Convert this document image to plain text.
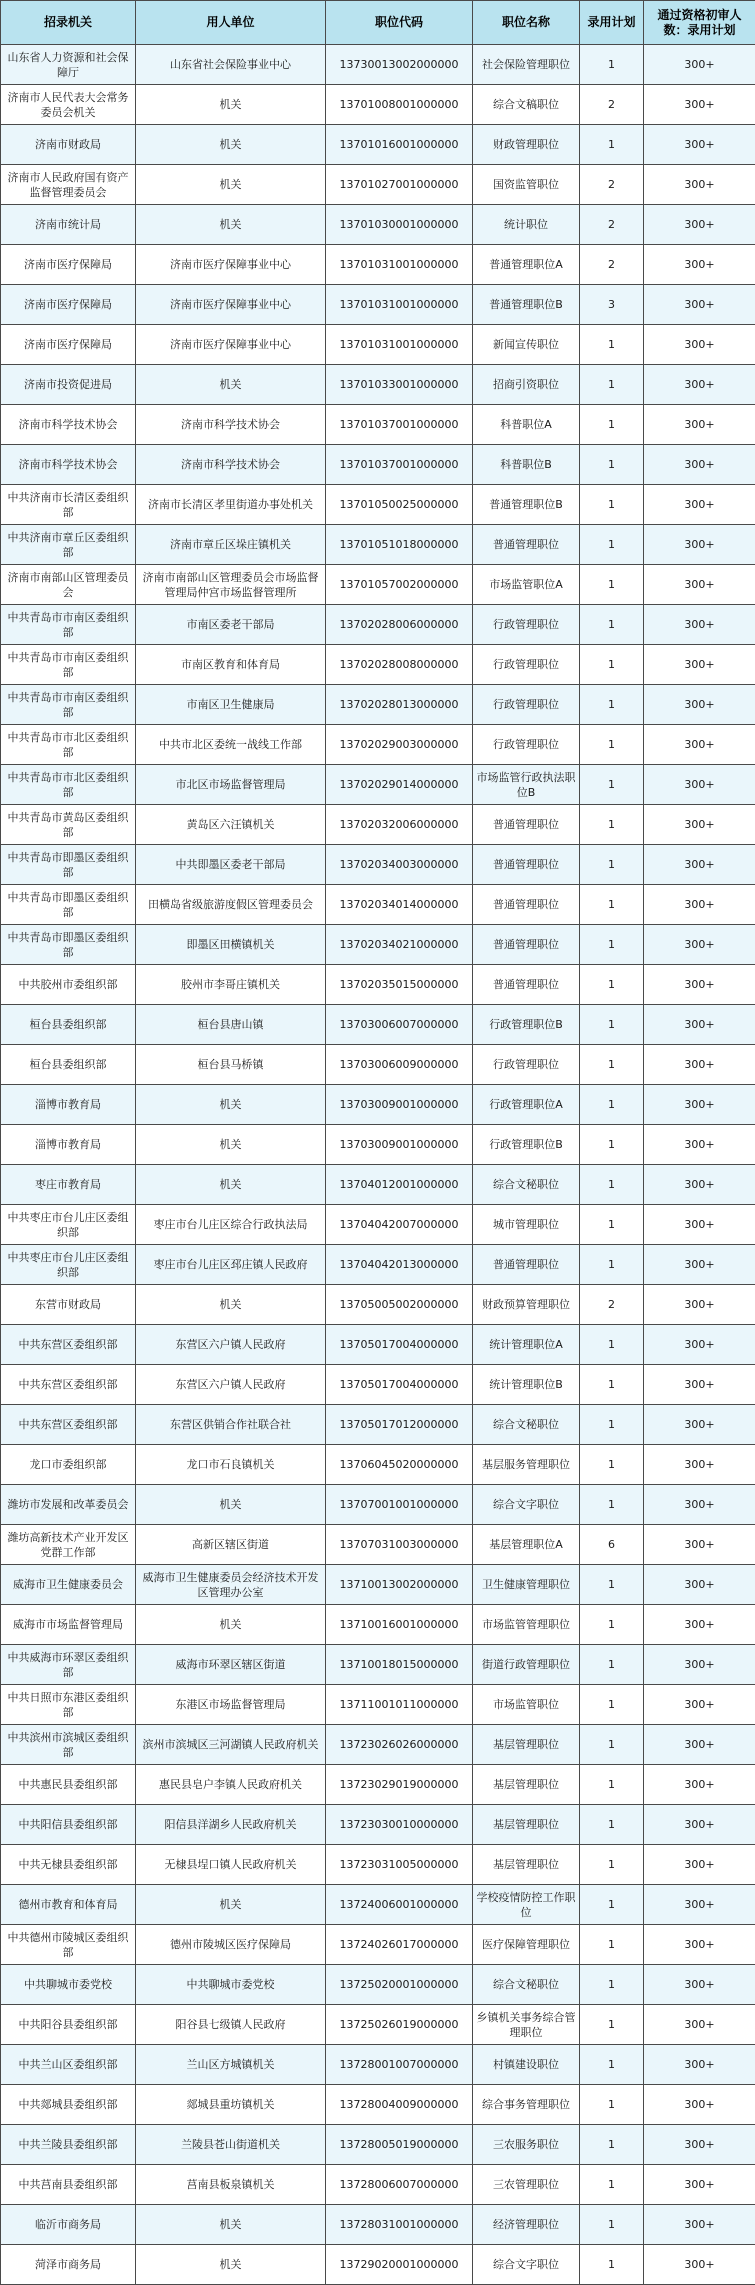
招录机关	用人单位	职位代码	职位名称	录用计划	通过资格初审人数：录用计划
山东省人力资源和社会保障厅	山东省社会保险事业中心	13730013002000000	社会保险管理职位	1	300+
济南市人民代表大会常务委员会机关	机关	13701008001000000	综合文稿职位	2	300+
济南市财政局	机关	13701016001000000	财政管理职位	1	300+
济南市人民政府国有资产监督管理委员会	机关	13701027001000000	国资监管职位	2	300+
济南市统计局	机关	13701030001000000	统计职位	2	300+
济南市医疗保障局	济南市医疗保障事业中心	13701031001000000	普通管理职位A	2	300+
济南市医疗保障局	济南市医疗保障事业中心	13701031001000000	普通管理职位B	3	300+
济南市医疗保障局	济南市医疗保障事业中心	13701031001000000	新闻宣传职位	1	300+
济南市投资促进局	机关	13701033001000000	招商引资职位	1	300+
济南市科学技术协会	济南市科学技术协会	13701037001000000	科普职位A	1	300+
济南市科学技术协会	济南市科学技术协会	13701037001000000	科普职位B	1	300+
中共济南市长清区委组织部	济南市长清区孝里街道办事处机关	13701050025000000	普通管理职位B	1	300+
中共济南市章丘区委组织部	济南市章丘区垛庄镇机关	13701051018000000	普通管理职位	1	300+
济南市南部山区管理委员会	济南市南部山区管理委员会市场监督管理局仲宫市场监督管理所	13701057002000000	市场监管职位A	1	300+
中共青岛市市南区委组织部	市南区委老干部局	13702028006000000	行政管理职位	1	300+
中共青岛市市南区委组织部	市南区教育和体育局	13702028008000000	行政管理职位	1	300+
中共青岛市市南区委组织部	市南区卫生健康局	13702028013000000	行政管理职位	1	300+
中共青岛市市北区委组织部	中共市北区委统一战线工作部	13702029003000000	行政管理职位	1	300+
中共青岛市市北区委组织部	市北区市场监督管理局	13702029014000000	市场监管行政执法职位B	1	300+
中共青岛市黄岛区委组织部	黄岛区六汪镇机关	13702032006000000	普通管理职位	1	300+
中共青岛市即墨区委组织部	中共即墨区委老干部局	13702034003000000	普通管理职位	1	300+
中共青岛市即墨区委组织部	田横岛省级旅游度假区管理委员会	13702034014000000	普通管理职位	1	300+
中共青岛市即墨区委组织部	即墨区田横镇机关	13702034021000000	普通管理职位	1	300+
中共胶州市委组织部	胶州市李哥庄镇机关	13702035015000000	普通管理职位	1	300+
桓台县委组织部	桓台县唐山镇	13703006007000000	行政管理职位B	1	300+
桓台县委组织部	桓台县马桥镇	13703006009000000	行政管理职位	1	300+
淄博市教育局	机关	13703009001000000	行政管理职位A	1	300+
淄博市教育局	机关	13703009001000000	行政管理职位B	1	300+
枣庄市教育局	机关	13704012001000000	综合文秘职位	1	300+
中共枣庄市台儿庄区委组织部	枣庄市台儿庄区综合行政执法局	13704042007000000	城市管理职位	1	300+
中共枣庄市台儿庄区委组织部	枣庄市台儿庄区邳庄镇人民政府	13704042013000000	普通管理职位	1	300+
东营市财政局	机关	13705005002000000	财政预算管理职位	2	300+
中共东营区委组织部	东营区六户镇人民政府	13705017004000000	统计管理职位A	1	300+
中共东营区委组织部	东营区六户镇人民政府	13705017004000000	统计管理职位B	1	300+
中共东营区委组织部	东营区供销合作社联合社	13705017012000000	综合文秘职位	1	300+
龙口市委组织部	龙口市石良镇机关	13706045020000000	基层服务管理职位	1	300+
潍坊市发展和改革委员会	机关	13707001001000000	综合文字职位	1	300+
潍坊高新技术产业开发区党群工作部	高新区辖区街道	13707031003000000	基层管理职位A	6	300+
威海市卫生健康委员会	威海市卫生健康委员会经济技术开发区管理办公室	13710013002000000	卫生健康管理职位	1	300+
威海市市场监督管理局	机关	13710016001000000	市场监管管理职位	1	300+
中共威海市环翠区委组织部	威海市环翠区辖区街道	13710018015000000	街道行政管理职位	1	300+
中共日照市东港区委组织部	东港区市场监督管理局	13711001011000000	市场监管职位	1	300+
中共滨州市滨城区委组织部	滨州市滨城区三河湖镇人民政府机关	13723026026000000	基层管理职位	1	300+
中共惠民县委组织部	惠民县皂户李镇人民政府机关	13723029019000000	基层管理职位	1	300+
中共阳信县委组织部	阳信县洋湖乡人民政府机关	13723030010000000	基层管理职位	1	300+
中共无棣县委组织部	无棣县埕口镇人民政府机关	13723031005000000	基层管理职位	1	300+
德州市教育和体育局	机关	13724006001000000	学校疫情防控工作职位	1	300+
中共德州市陵城区委组织部	德州市陵城区医疗保障局	13724026017000000	医疗保障管理职位	1	300+
中共聊城市委党校	中共聊城市委党校	13725020001000000	综合文秘职位	1	300+
中共阳谷县委组织部	阳谷县七级镇人民政府	13725026019000000	乡镇机关事务综合管理职位	1	300+
中共兰山区委组织部	兰山区方城镇机关	13728001007000000	村镇建设职位	1	300+
中共郯城县委组织部	郯城县重坊镇机关	13728004009000000	综合事务管理职位	1	300+
中共兰陵县委组织部	兰陵县苍山街道机关	13728005019000000	三农服务职位	1	300+
中共莒南县委组织部	莒南县板泉镇机关	13728006007000000	三农管理职位	1	300+
临沂市商务局	机关	13728031001000000	经济管理职位	1	300+
菏泽市商务局	机关	13729020001000000	综合文字职位	1	300+
